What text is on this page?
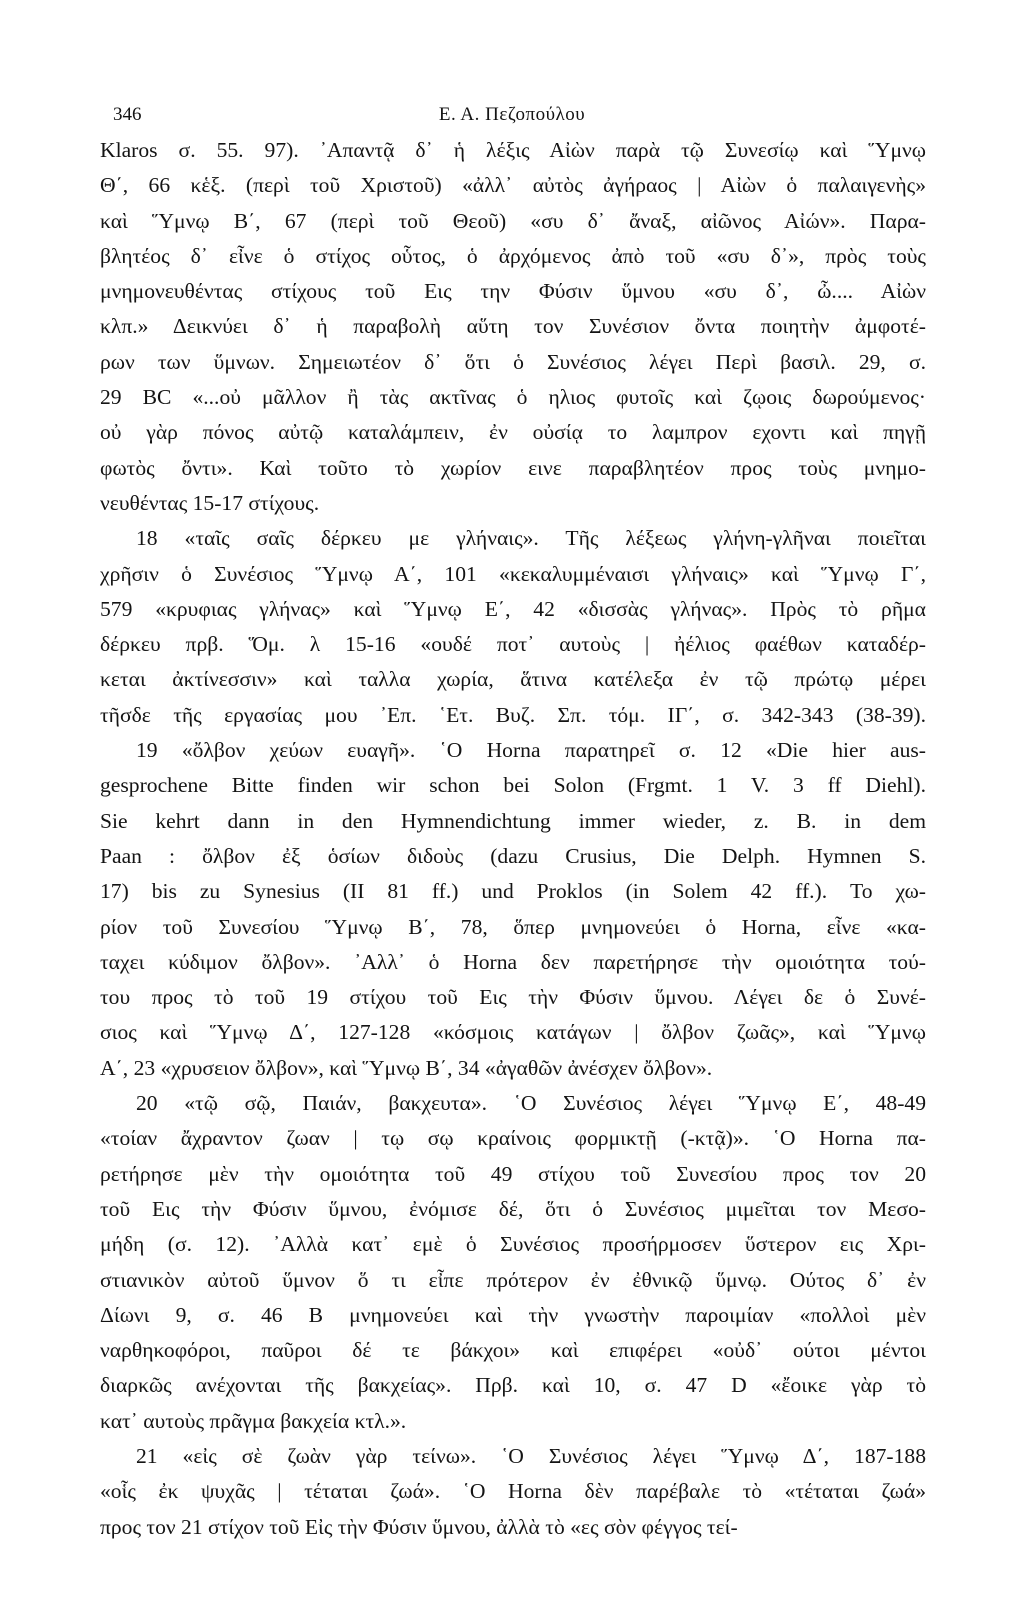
346	Ε. Α. Πεζοπούλου
Klaros σ. 55. 97). ᾿Απαντᾷ δ᾿ ἡ λέξις Αἰὼν παρὰ τῷ Συνεσίῳ καὶ Ὕμνῳ
Θ΄, 66 κἑξ. (περὶ τοῦ Χριστοῦ) «ἀλλ᾿ αὐτὸς ἀγήραος | Αἰὼν ὁ παλαιγενὴς»
καὶ Ὕμνῳ Β΄, 67 (περὶ τοῦ Θεοῦ) «συ δ᾿ ἄναξ, αἰῶνος Αἰών». Παρα-
βλητέος δ᾿ εἶνε ὁ στίχος οὗτος, ὁ ἀρχόμενος ἀπὸ τοῦ «συ δ᾿», πρὸς τοὺς
μνημονευθέντας στίχους τοῦ Εις την Φύσιν ὕμνου «συ δ᾿, ὦ.... Αἰὼν
κλπ.» Δεικνύει δ᾿ ἡ παραβολὴ αὕτη τον Συνέσιον ὄντα ποιητὴν ἀμφοτέ-
ρων των ὕμνων. Σημειωτέον δ᾿ ὅτι ὁ Συνέσιος λέγει Περὶ βασιλ. 29, σ.
29 BC «...οὐ μᾶλλον ἢ τὰς ακτῖνας ὁ ηλιος φυτοῖς καὶ ζῳοις δωρούμενος·
οὐ γὰρ πόνος αὐτῷ καταλάμπειν, ἐν οὐσίᾳ το λαμπρον εχοντι καὶ πηγῇ
φωτὸς ὄντι». Καὶ τοῦτο τὸ χωρίον εινε παραβλητέον προς τοὺς μνημο-
νευθέντας 15-17 στίχους.
18 «ταῖς σαῖς δέρκευ με γλήναις». Τῆς λέξεως γλήνη-γλῆναι ποιεῖται
χρῆσιν ὁ Συνέσιος Ὕμνῳ Α΄, 101 «κεκαλυμμέναισι γλήναις» καὶ Ὕμνῳ Γ΄,
579 «κρυφιας γλήνας» καὶ Ὕμνῳ Ε΄, 42 «δισσὰς γλήνας». Πρὸς τὸ ρῆμα
δέρκευ πρβ. Ὅμ. λ 15-16 «ουδέ ποτ᾿ αυτοὺς | ἠέλιος φαέθων καταδέρ-
κεται ἀκτίνεσσιν» καὶ ταλλα χωρία, ἅτινα κατέλεξα ἐν τῷ πρώτῳ μέρει
τῆσδε τῆς εργασίας μου ᾿Επ. ῾Ετ. Βυζ. Σπ. τόμ. ΙΓ΄, σ. 342-343 (38-39).
19 «ὄλβον χεύων ευαγῆ». ῾Ο Horna παρατηρεῖ σ. 12 «Die hier aus-
gesprochene Bitte finden wir schon bei Solon (Frgmt. 1 V. 3 ff Diehl).
Sie kehrt dann in den Hymnendichtung immer wieder, z. B. in dem
Paan : ὄλβον ἐξ ὁσίων διδοὺς (dazu Crusius, Die Delph. Hymnen S.
17) bis zu Synesius (II 81 ff.) und Proklos (in Solem 42 ff.). Το χω-
ρίον τοῦ Συνεσίου Ὕμνῳ Β΄, 78, ὅπερ μνημονεύει ὁ Horna, εἶνε «κα-
ταχει κύδιμον ὄλβον». ᾿Αλλ᾿ ὁ Horna δεν παρετήρησε τὴν ομοιότητα τού-
του προς τὸ τοῦ 19 στίχου τοῦ Εις τὴν Φύσιν ὕμνου. Λέγει δε ὁ Συνέ-
σιος καὶ Ὕμνῳ Δ΄, 127-128 «κόσμοις κατάγων | ὄλβον ζωᾶς», καὶ Ὕμνῳ
Α΄, 23 «χρυσειον ὄλβον», καὶ Ὕμνῳ Β΄, 34 «ἀγαθῶν ἀνέσχεν ὄλβον».
20 «τῷ σῷ, Παιάν, βακχευτα». ῾Ο Συνέσιος λέγει Ὕμνῳ Ε΄, 48-49
«τοίαν ἄχραντον ζωαν | τῳ σῳ κραίνοις φορμικτῇ (-κτᾷ)». ῾Ο Horna πα-
ρετήρησε μὲν τὴν ομοιότητα τοῦ 49 στίχου τοῦ Συνεσίου προς τον 20
τοῦ Εις τὴν Φύσιν ὕμνου, ἐνόμισε δέ, ὅτι ὁ Συνέσιος μιμεῖται τον Μεσο-
μήδη (σ. 12). ᾿Αλλὰ κατ᾿ εμὲ ὁ Συνέσιος προσήρμοσεν ὕστερον εις Χρι-
στιανικὸν αὐτοῦ ὕμνον ὅ τι εἶπε πρότερον ἐν ἐθνικῷ ὕμνῳ. Ούτος δ᾿ ἐν
Δίωνι 9, σ. 46 B μνημονεύει καὶ τὴν γνωστὴν παροιμίαν «πολλοὶ μὲν
ναρθηκοφόροι, παῦροι δέ τε βάκχοι» καὶ επιφέρει «οὐδ᾿ ούτοι μέντοι
διαρκῶς ανέχονται τῆς βακχείας». Πρβ. καὶ 10, σ. 47 D «ἔοικε γὰρ τὸ
κατ᾿ αυτοὺς πρᾶγμα βακχεία κτλ.».
21 «εἰς σὲ ζωὰν γὰρ τείνω». ῾Ο Συνέσιος λέγει Ὕμνῳ Δ΄, 187-188
«οἷς ἐκ ψυχᾶς | τέταται ζωά». ῾Ο Horna δὲν παρέβαλε τὸ «τέταται ζωά»
προς τον 21 στίχον τοῦ Εἰς τὴν Φύσιν ὕμνου, ἀλλὰ τὸ «ες σὸν φέγγος τεί-
